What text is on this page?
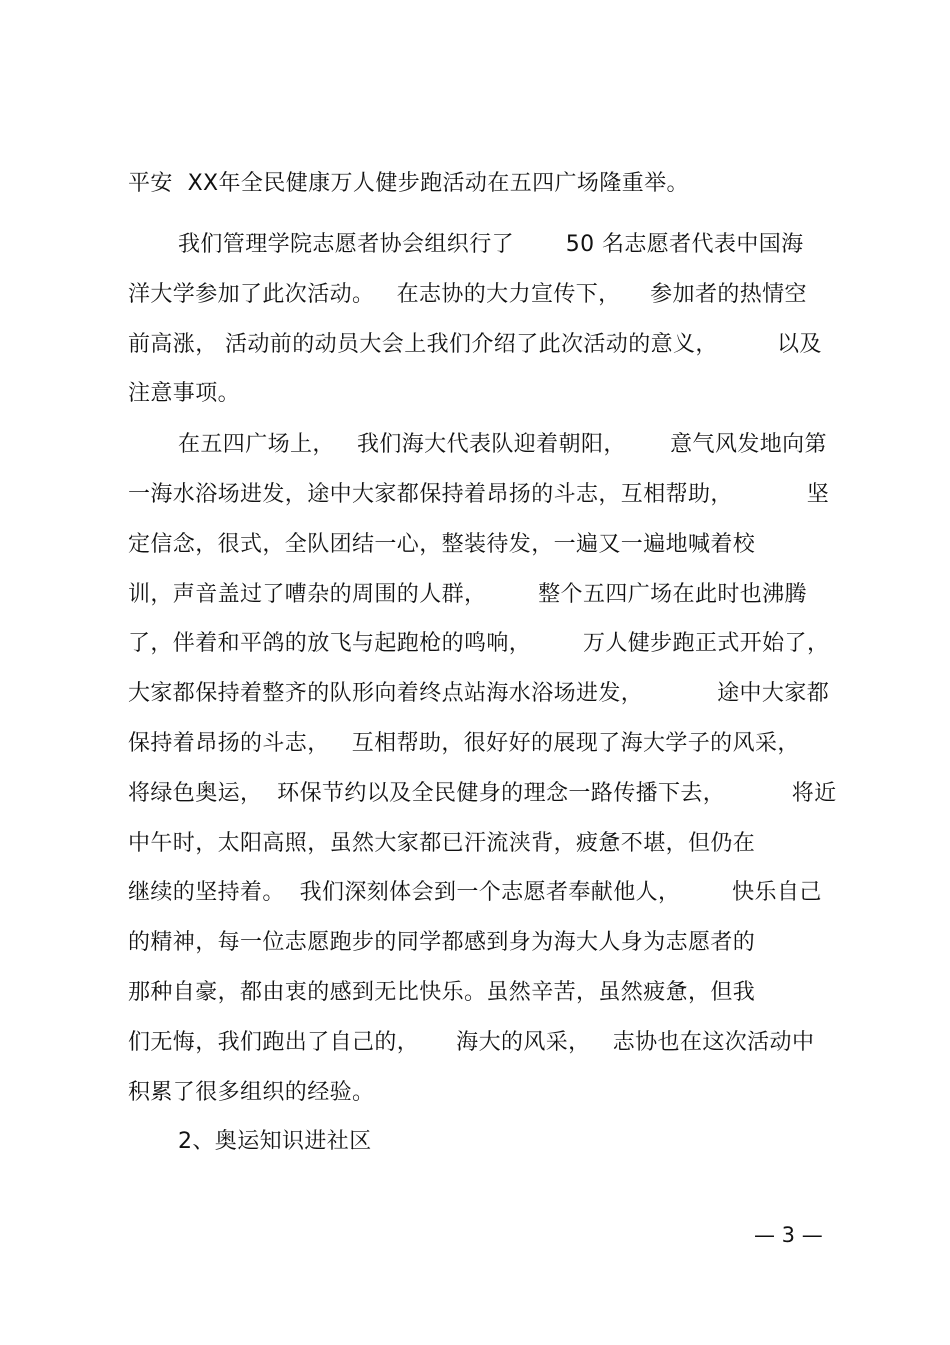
平安  XX年全民健康万人健步跑活动在五四广场隆重举。
我们管理学院志愿者协会组织行了       50 名志愿者代表中国海
洋大学参加了此次活动。   在志协的大力宣传下，    参加者的热情空
前高涨， 活动前的动员大会上我们介绍了此次活动的意义，        以及
注意事项。
在五四广场上，   我们海大代表队迎着朝阳，      意气风发地向第
一海水浴场进发，途中大家都保持着昂扬的斗志，互相帮助，          坚
定信念，很式，全队团结一心，整装待发，一遍又一遍地喊着校
训，声音盖过了嘈杂的周围的人群，       整个五四广场在此时也沸腾
了，伴着和平鸽的放飞与起跑枪的鸣响，       万人健步跑正式开始了，
大家都保持着整齐的队形向着终点站海水浴场进发，          途中大家都
保持着昂扬的斗志，   互相帮助，很好好的展现了海大学子的风采，
将绿色奥运，  环保节约以及全民健身的理念一路传播下去，         将近
中午时，太阳高照，虽然大家都已汗流浃背，疲惫不堪，但仍在
继续的坚持着。  我们深刻体会到一个志愿者奉献他人，       快乐自己
的精神，每一位志愿跑步的同学都感到身为海大人身为志愿者的
那种自豪，都由衷的感到无比快乐。虽然辛苦，虽然疲惫，但我
们无悔，我们跑出了自己的，     海大的风采，   志协也在这次活动中
积累了很多组织的经验。
2、奥运知识进社区
— 3 —
